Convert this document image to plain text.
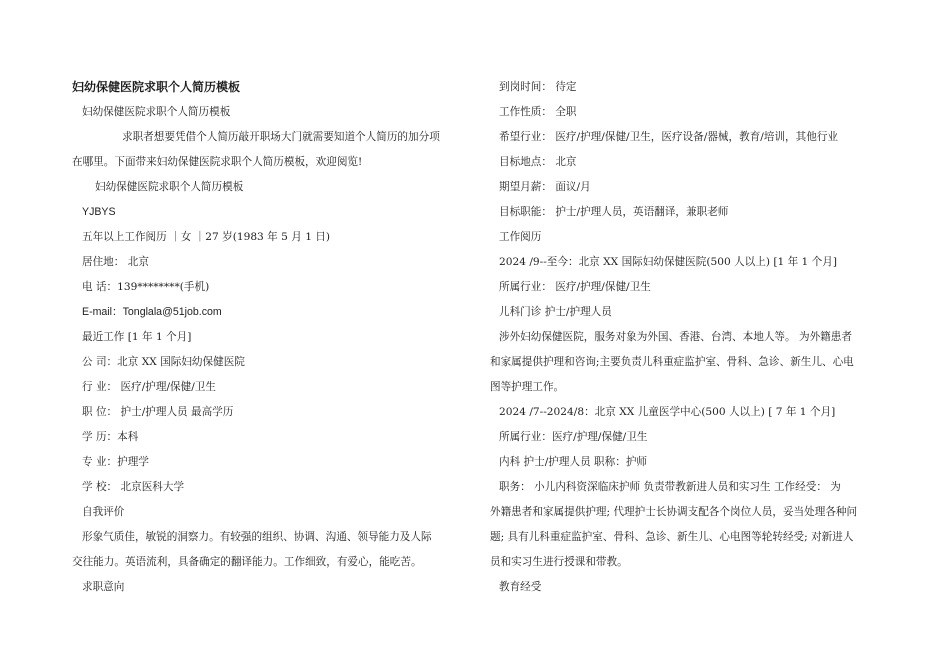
妇幼保健医院求职个人简历模板
妇幼保健医院求职个人简历模板
求职者想要凭借个人简历敲开职场大门就需要知道个人简历的加分项
在哪里。下面带来妇幼保健医院求职个人简历模板，欢迎阅览!
妇幼保健医院求职个人简历模板
YJBYS
五年以上工作阅历 ｜女 ｜27 岁(1983 年 5 月 1 日)
居住地： 北京
电 话：139********(手机)
E-mail：Tonglala@51job.com
最近工作 [1 年 1 个月]
公 司：北京 XX 国际妇幼保健医院
行 业： 医疗/护理/保健/卫生
职 位： 护士/护理人员 最高学历
学 历：本科
专 业：护理学
学 校： 北京医科大学
自我评价
形象气质佳，敏锐的洞察力。有较强的组织、协调、沟通、领导能力及人际
交往能力。英语流利，具备确定的翻译能力。工作细致，有爱心，能吃苦。
求职意向
到岗时间： 待定
工作性质： 全职
希望行业： 医疗/护理/保健/卫生，医疗设备/器械，教育/培训，其他行业
目标地点： 北京
期望月薪： 面议/月
目标职能： 护士/护理人员，英语翻译，兼职老师
工作阅历
2024 /9--至今：北京 XX 国际妇幼保健医院(500 人以上) [1 年 1 个月]
所属行业： 医疗/护理/保健/卫生
儿科门诊 护士/护理人员
涉外妇幼保健医院，服务对象为外国、香港、台湾、本地人等。 为外籍患者
和家属提供护理和咨询;主要负责儿科重症监护室、骨科、急诊、新生儿、心电
图等护理工作。
2024 /7--2024/8：北京 XX 儿童医学中心(500 人以上) [ 7 年 1 个月]
所属行业：医疗/护理/保健/卫生
内科 护士/护理人员 职称：护师
职务： 小儿内科资深临床护师 负责带教新进人员和实习生 工作经受： 为
外籍患者和家属提供护理; 代理护士长协调支配各个岗位人员，妥当处理各种问
题; 具有儿科重症监护室、骨科、急诊、新生儿、心电图等轮转经受; 对新进人
员和实习生进行授课和带教。
教育经受
